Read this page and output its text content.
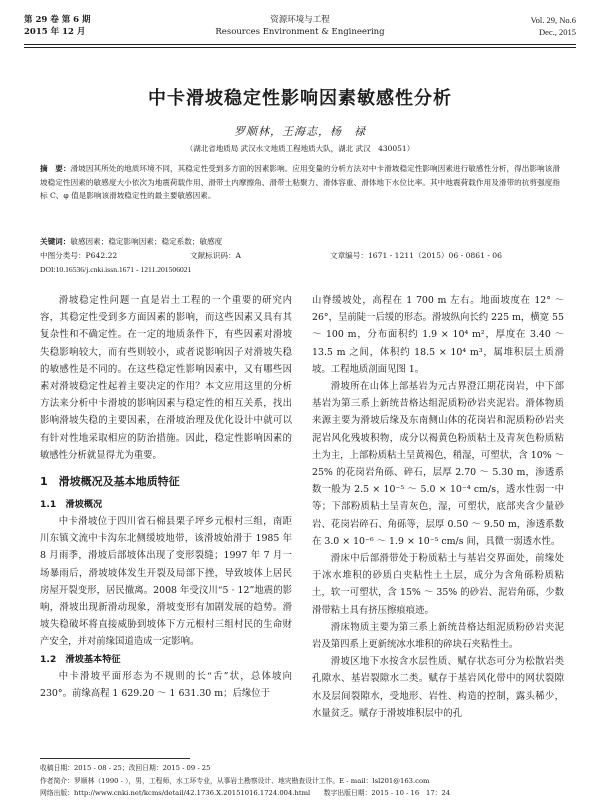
第 29 卷 第 6 期
2015 年 12 月
资源环境与工程
Resources Environment & Engineering
Vol. 29, No.6
Dec., 2015
中卡滑坡稳定性影响因素敏感性分析
罗顺林，王海志，杨　禄
（湖北省地质局 武汉水文地质工程地质大队，湖北 武汉　430051）
摘　要：滑坡因其所处的地质环境不同，其稳定性受到多方面的因素影响。应用变量的分析方法对中卡滑坡稳定性影响因素进行敏感性分析，得出影响该滑坡稳定性因素的敏感度大小依次为地震荷载作用、滑带土内摩擦角、滑带土粘聚力、滑体容重、滑体地下水位比率。其中地震荷载作用及滑带的抗剪强度指标 C、φ 值是影响该滑坡稳定性的最主要敏感因素。
关键词：敏感因素；稳定影响因素；稳定系数；敏感度
中图分类号：P642.22	文献标识码：A	文章编号：1671 - 1211（2015）06 - 0861 - 06
DOI:10.16536/j.cnki.issn.1671 - 1211.201506021

滑坡稳定性问题一直是岩土工程的一个重要的研究内容，其稳定性受到多方面因素的影响，而这些因素又具有其复杂性和不确定性。在一定的地质条件下，有些因素对滑坡失稳影响较大，而有些则较小，或者说影响因子对滑坡失稳的敏感性是不同的。在这些稳定性影响因素中，又有哪些因素对滑坡稳定性起着主要决定的作用？本文应用这里的分析方法来分析中卡滑坡的影响因素与稳定性的相互关系，找出影响滑坡失稳的主要因素，在滑坡治理及优化设计中就可以有针对性地采取相应的防治措施。因此，稳定性影响因素的敏感性分析就显得尤为重要。

1　滑坡概况及基本地质特征
1.1　滑坡概况

中卡滑坡位于四川省石棉县栗子坪乡元根村三组，南距川东镇文流中卡沟东北侧缓坡地带，该滑坡始滑于 1985 年 8 月雨季，滑坡后部坡体出现了变形裂缝；1997 年 7 月一场暴雨后，滑坡坡体发生开裂及局部下挫，导致坡体上居民房屋开裂变形，居民撤离。2008 年受汶川“5 · 12”地震的影响，滑坡出现新滑动现象，滑坡变形有加剧发展的趋势。滑坡失稳破坏将直接威胁到坡体下方元根村三组村民的生命财产安全，并对前缘国道造成一定影响。

1.2　滑坡基本特征

中卡滑坡平面形态为不规则的长“舌”状，总体坡向 230°。前缘高程 1 629.20 ～ 1 631.30 m；后缘位于

山脊缓坡处，高程在 1 700 m 左右。地面坡度在 12° ～ 26°，呈前陡一后缓的形态。滑坡纵向长约 225 m，横宽 55 ～ 100 m，分布面积约 1.9 × 10⁴ m²，厚度在 3.40 ～ 13.5 m 之间，体积约 18.5 × 10⁴ m³，属堆积层土质滑坡。工程地质剖面见图 1。

滑坡所在山体上部基岩为元古界澄江期花岗岩，中下部基岩为第三系上新统昔格达组泥质粉砂岩夹泥岩。滑体物质来源主要为滑坡后缘及东南侧山体的花岗岩和泥质粉砂岩夹泥岩风化残坡积物，成分以褐黄色粉质粘土及青灰色粉质粘土为主，上部粉质粘土呈黄褐色，稍湿，可塑状，含 10% ～ 25% 的花岗岩角砾、碎石，层厚 2.70 ～ 5.30 m，渗透系数一般为 2.5 × 10⁻⁵ ～ 5.0 × 10⁻⁴ cm/s，透水性弱一中等；下部粉质粘土呈青灰色，湿，可塑状，底部夹含少量砂岩、花岗岩碎石、角砾等，层厚 0.50 ～ 9.50 m，渗透系数在 3.0 × 10⁻⁶ ～ 1.9 × 10⁻⁵ cm/s 间，具微一弱透水性。

滑床中后部滑带处于粉质粘土与基岩交界面处，前缘处于冰水堆积的砂质白夹粘性土土层，成分为含角砾粉质粘土，软一可塑状，含 15% ～ 35% 的砂岩、泥岩角砾，少数滑带粘土具有挤压擦痕痕迹。

滑床物质主要为第三系上新统昔格达组泥质粉砂岩夹泥岩及第四系上更新统冰水堆积的碎块石夹粘性土。

滑坡区地下水按含水层性质、赋存状态可分为松散岩类孔隙水、基岩裂隙水二类。赋存于基岩风化带中的网状裂隙水及层间裂隙水，受地形、岩性、构造的控制，露头稀少，水量贫乏。赋存于滑坡堆积层中的孔

收稿日期：2015 - 08 - 25；改回日期：2015 - 09 - 25
作者简介：罗顺林（1990 - ），男，工程师，水工环专业，从事岩土勘察设计、地灾勘查设计工作。E - mail：lsl201@163.com
网络出版：http://www.cnki.net/kcms/detail/42.1736.X.20151016.1724.004.html　　数字出版日期：2015 - 10 - 16　17：24
